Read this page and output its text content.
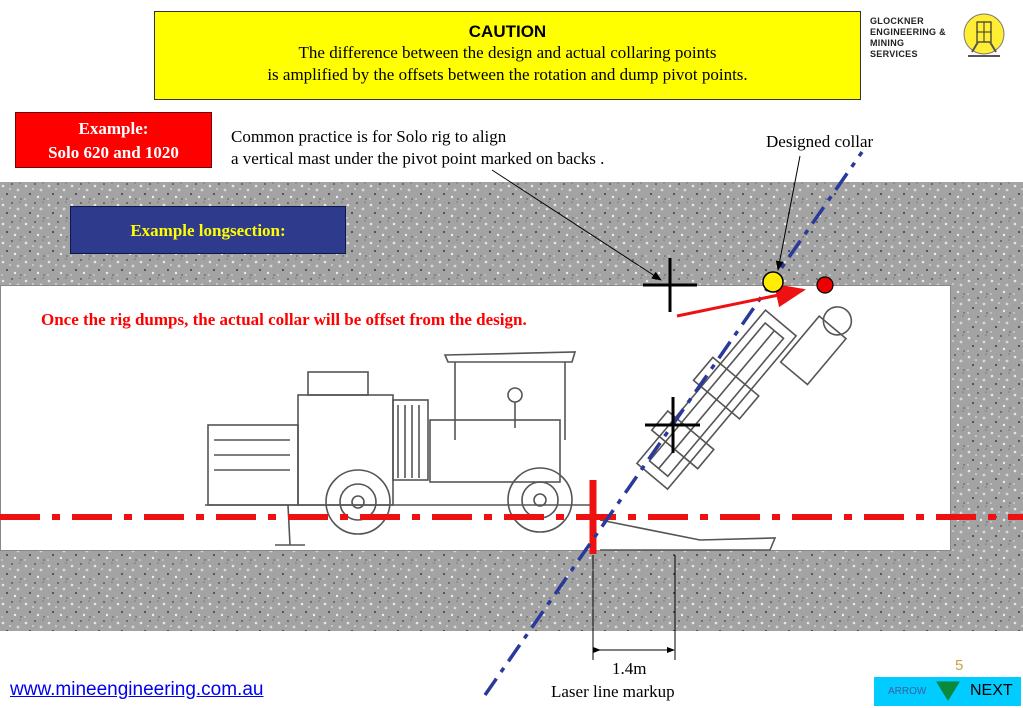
CAUTION
The difference between the design and actual collaring points
is amplified by the offsets between the rotation and dump pivot points.
GLOCKNER
ENGINEERING &
MINING
SERVICES
Example:
Solo 620 and 1020
Common practice is for Solo rig to align
a vertical mast under the pivot point marked on backs .
Designed collar
Example longsection:
Once the rig dumps, the actual collar will be offset from the design.
1.4m
Laser line markup
www.mineengineering.com.au
5
ARROW	NEXT
